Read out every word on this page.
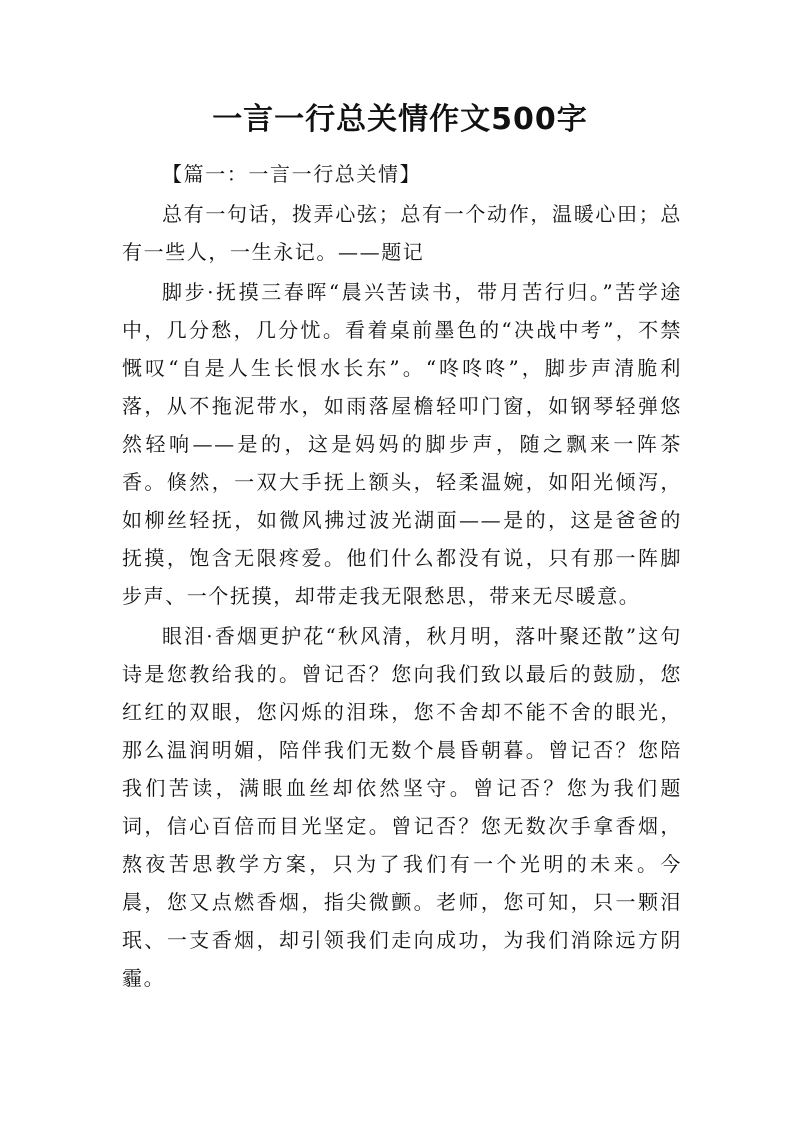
一言一行总关情作文500字

【篇一：一言一行总关情】

总有一句话，拨弄心弦；总有一个动作，温暖心田；总有一些人，一生永记。——题记

脚步·抚摸三春晖“晨兴苦读书，带月苦行归。”苦学途中，几分愁，几分忧。看着桌前墨色的“决战中考”，不禁慨叹“自是人生长恨水长东”。“咚咚咚”，脚步声清脆利落，从不拖泥带水，如雨落屋檐轻叩门窗，如钢琴轻弹悠然轻响——是的，这是妈妈的脚步声，随之飘来一阵茶香。倏然，一双大手抚上额头，轻柔温婉，如阳光倾泻，如柳丝轻抚，如微风拂过波光湖面——是的，这是爸爸的抚摸，饱含无限疼爱。他们什么都没有说，只有那一阵脚步声、一个抚摸，却带走我无限愁思，带来无尽暖意。

眼泪·香烟更护花“秋风清，秋月明，落叶聚还散”这句诗是您教给我的。曾记否？您向我们致以最后的鼓励，您红红的双眼，您闪烁的泪珠，您不舍却不能不舍的眼光，那么温润明媚，陪伴我们无数个晨昏朝暮。曾记否？您陪我们苦读，满眼血丝却依然坚守。曾记否？您为我们题词，信心百倍而目光坚定。曾记否？您无数次手拿香烟，熬夜苦思教学方案，只为了我们有一个光明的未来。今晨，您又点燃香烟，指尖微颤。老师，您可知，只一颗泪珉、一支香烟，却引领我们走向成功，为我们消除远方阴霾。
